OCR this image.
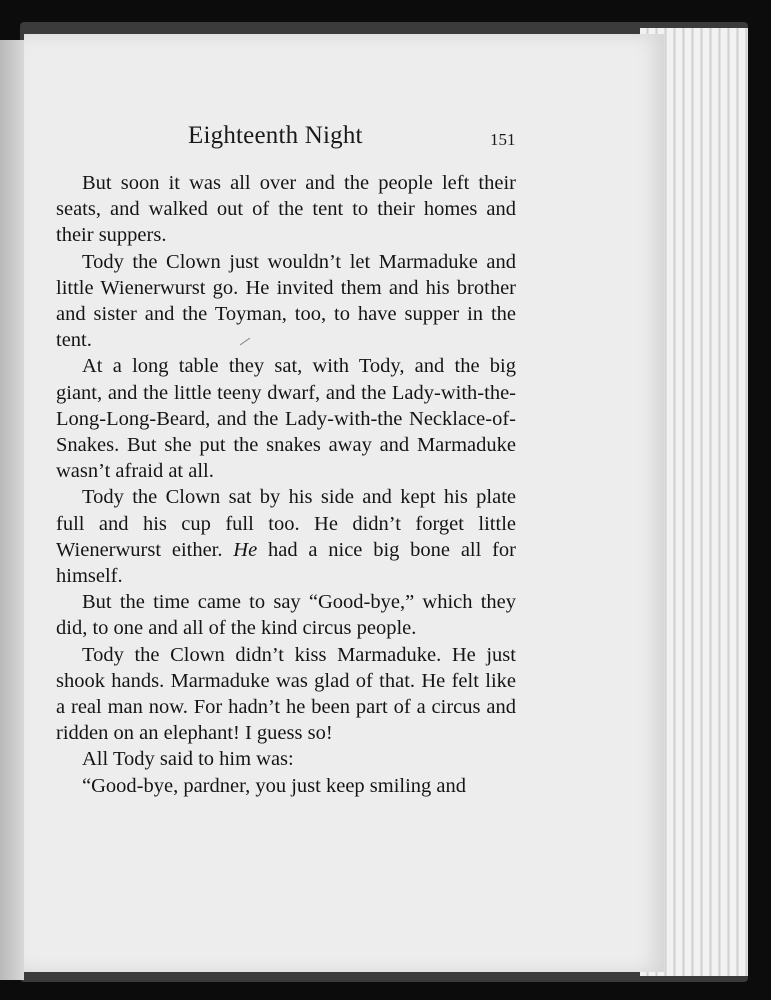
Eighteenth Night	151

But soon it was all over and the people left their seats, and walked out of the tent to their homes and their suppers.

Tody the Clown just wouldn’t let Marmaduke and little Wienerwurst go. He invited them and his brother and sister and the Toyman, too, to have supper in the tent.

At a long table they sat, with Tody, and the big giant, and the little teeny dwarf, and the Lady-with-the-Long-Long-Beard, and the Lady-with-the Necklace-of-Snakes. But she put the snakes away and Marmaduke wasn’t afraid at all.

Tody the Clown sat by his side and kept his plate full and his cup full too. He didn’t forget little Wienerwurst either. He had a nice big bone all for himself.

But the time came to say “Good-bye,” which they did, to one and all of the kind circus people.

Tody the Clown didn’t kiss Marmaduke. He just shook hands. Marmaduke was glad of that. He felt like a real man now. For hadn’t he been part of a circus and ridden on an elephant! I guess so!

All Tody said to him was:

“Good-bye, pardner, you just keep smiling and
